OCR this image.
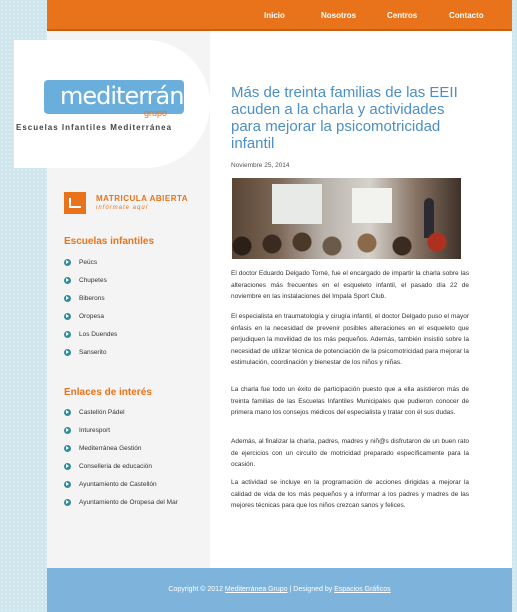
Inicio	Nosotros	Centros	Contacto
mediterránea
grupo
Escuelas Infantiles Mediterránea
MATRICULA ABIERTA
infórmate aquí
Escuelas infantiles
Peücs
Chupetes
Biberons
Oropesa
Los Duendes
Sanserito
Enlaces de interés
Castellón Pádel
Inturesport
Mediterránea Gestión
Conselleria de educación
Ayuntamiento de Castellón
Ayuntamiento de Oropesa del Mar
Más de treinta familias de las EEII acuden a la charla y actividades para mejorar la psicomotricidad infantil
Noviembre 25, 2014

El doctor Eduardo Delgado Torné, fue el encargado de impartir la charla sobre las alteraciones más frecuentes en el esqueleto infantil, el pasado día 22 de noviembre en las instalaciones del Impala Sport Club.

El especialista en traumatología y cirugía infantil, el doctor Delgado puso el mayor énfasis en la necesidad de prevenir posibles alteraciones en el esqueleto que perjudiquen la movilidad de los más pequeños. Además, también insistió sobre la necesidad de utilizar técnica de potenciación de la psicomotricidad para mejorar la estimulación, coordinación y bienestar de los niños y niñas.

La charla fue todo un éxito de participación puesto que a ella asistieron más de treinta familias de las Escuelas Infantiles Municipales que pudieron conocer de primera mano los consejos médicos del especialista y tratar con él sus dudas.

Además, al finalizar la charla, padres, madres y niñ@s disfrutaron de un buen rato de ejercicios con un circuito de motricidad preparado específicamente para la ocasión.

La actividad se incluye en la programación de acciones dirigidas a mejorar la calidad de vida de los más pequeños y a informar a los padres y madres de las mejores técnicas para que los niños crezcan sanos y felices.

Copyright © 2012 Mediterránea Grupo | Designed by Espacios Gráficos
